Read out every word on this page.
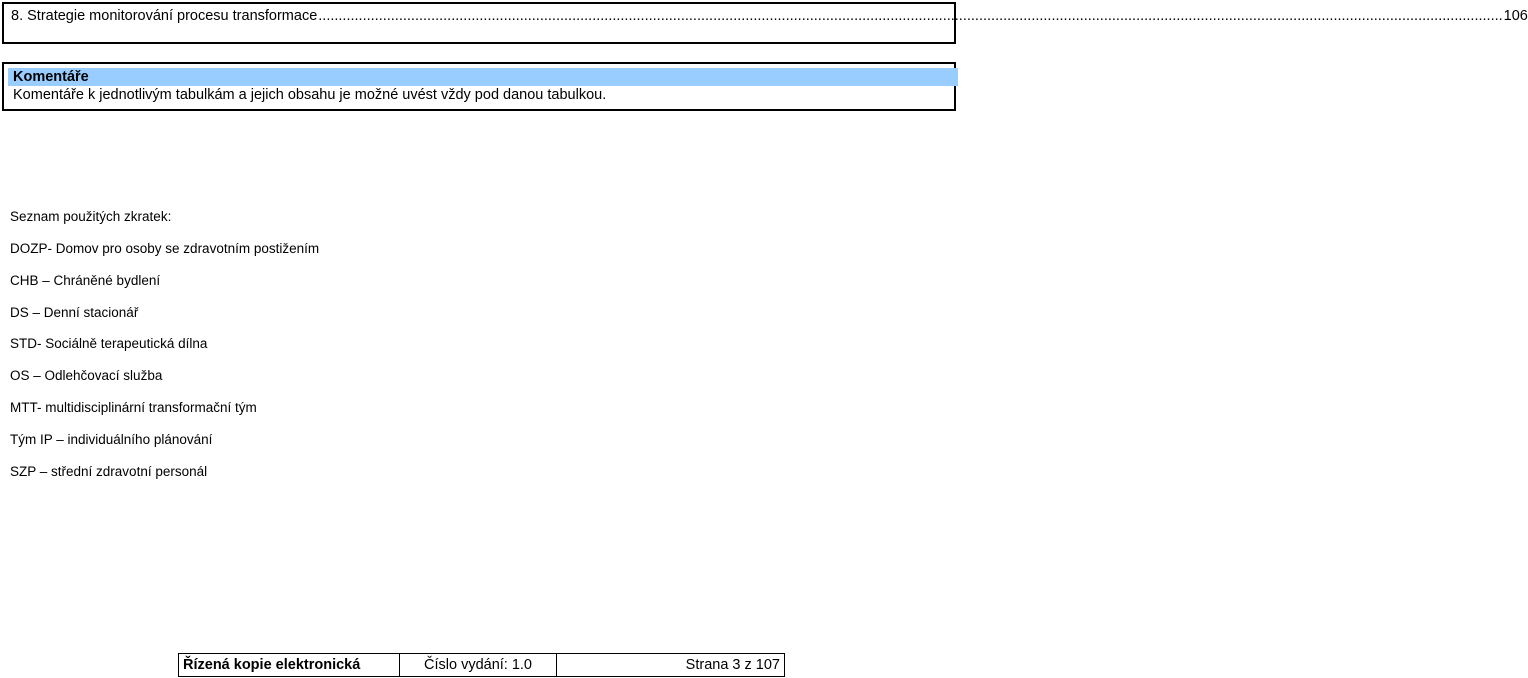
8. Strategie monitorování procesu transformace ...................................................................................................................................................................................................................................................................................................... 106
Komentáře
Komentáře k jednotlivým tabulkám a jejich obsahu je možné uvést vždy pod danou tabulkou.
Seznam použitých zkratek:
DOZP- Domov pro osoby se zdravotním postižením
CHB – Chráněné bydlení
DS – Denní stacionář
STD- Sociálně terapeutická dílna
OS – Odlehčovací služba
MTT- multidisciplinární transformační tým
Tým IP – individuálního plánování
SZP – střední zdravotní personál
Řízená kopie elektronická	Číslo vydání: 1.0	Strana 3 z 107
